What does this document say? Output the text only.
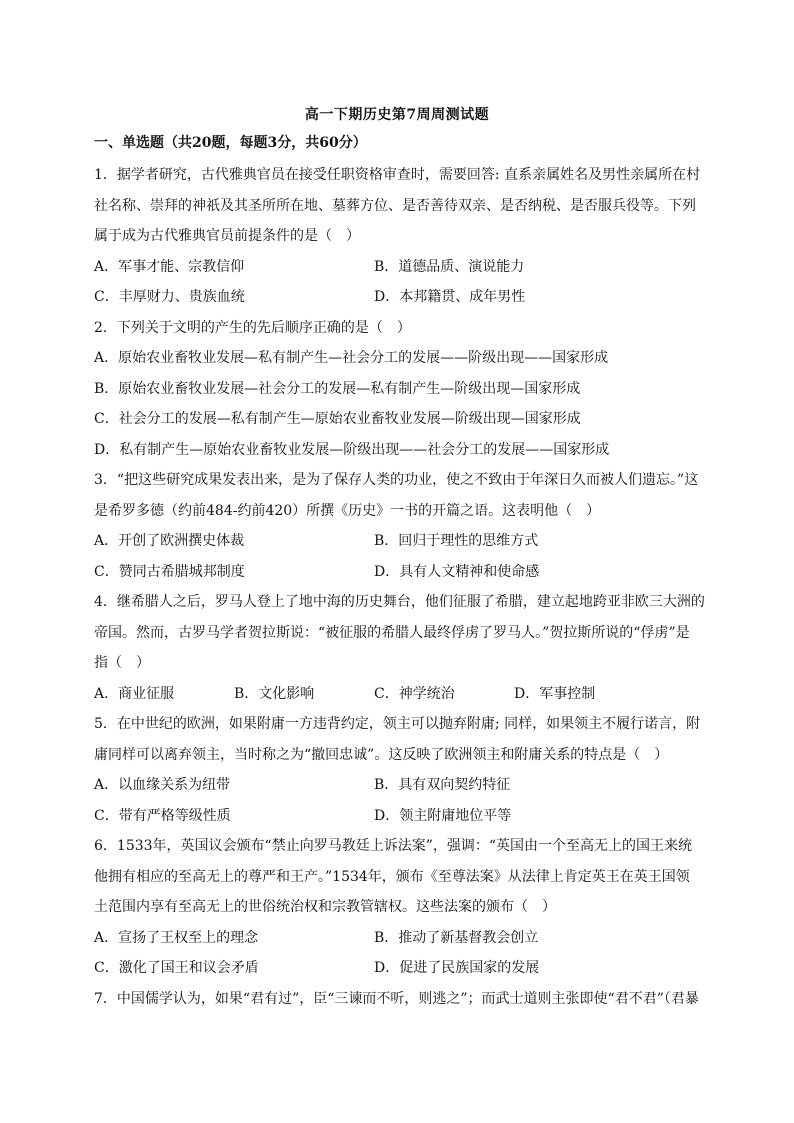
高一下期历史第7周周测试题
一、单选题（共20题，每题3分，共60分）
1．据学者研究，古代雅典官员在接受任职资格审查时，需要回答: 直系亲属姓名及男性亲属所在村
社名称、崇拜的神祇及其圣所所在地、墓葬方位、是否善待双亲、是否纳税、是否服兵役等。下列
属于成为古代雅典官员前提条件的是（　）
A．军事才能、宗教信仰	B．道德品质、演说能力
C．丰厚财力、贵族血统	D．本邦籍贯、成年男性
2．下列关于文明的产生的先后顺序正确的是（　）
A．原始农业畜牧业发展—私有制产生—社会分工的发展——阶级出现——国家形成
B．原始农业畜牧业发展—社会分工的发展—私有制产生—阶级出现—国家形成
C．社会分工的发展—私有制产生—原始农业畜牧业发展—阶级出现—国家形成
D．私有制产生—原始农业畜牧业发展—阶级出现——社会分工的发展——国家形成
3．“把这些研究成果发表出来，是为了保存人类的功业，使之不致由于年深日久而被人们遗忘。”这
是希罗多德（约前484-约前420）所撰《历史》一书的开篇之语。这表明他（　）
A．开创了欧洲撰史体裁	B．回归于理性的思维方式
C．赞同古希腊城邦制度	D．具有人文精神和使命感
4．继希腊人之后，罗马人登上了地中海的历史舞台，他们征服了希腊，建立起地跨亚非欧三大洲的
帝国。然而，古罗马学者贺拉斯说：“被征服的希腊人最终俘虏了罗马人。”贺拉斯所说的“俘虏”是
指（　）
A．商业征服	B．文化影响	C．神学统治	D．军事控制
5．在中世纪的欧洲，如果附庸一方违背约定，领主可以抛弃附庸; 同样，如果领主不履行诺言，附
庸同样可以离弃领主，当时称之为“撤回忠诚”。这反映了欧洲领主和附庸关系的特点是（　）
A．以血缘关系为纽带	B．具有双向契约特征
C．带有严格等级性质	D．领主附庸地位平等
6．1533年，英国议会颁布“禁止向罗马教廷上诉法案”，强调：“英国由一个至高无上的国王来统
他拥有相应的至高无上的尊严和王产。”1534年，颁布《至尊法案》从法律上肯定英王在英王国领
土范围内享有至高无上的世俗统治权和宗教管辖权。这些法案的颁布（　）
A．宣扬了王权至上的理念	B．推动了新基督教会创立
C．激化了国王和议会矛盾	D．促进了民族国家的发展
7．中国儒学认为，如果“君有过”，臣“三谏而不听，则逃之”；而武士道则主张即使“君不君”（君暴
